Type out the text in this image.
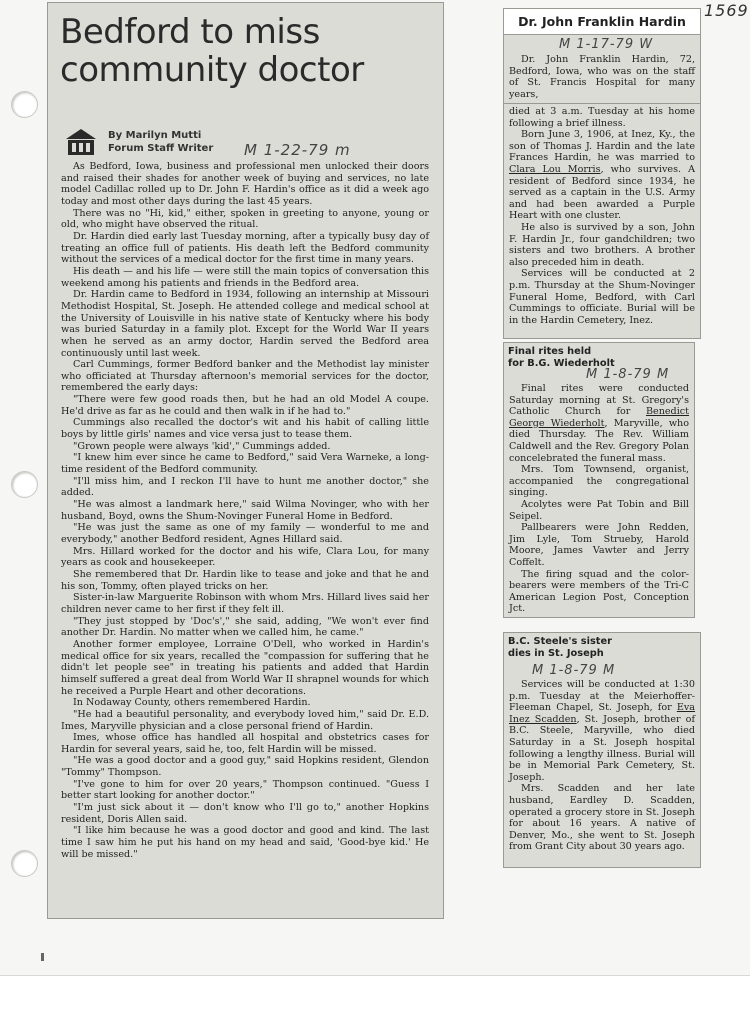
1569
Bedford to miss community doctor
By Marilyn Mutti
Forum Staff Writer M 1-22-79 m

As Bedford, Iowa, business and professional men unlocked their doors and raised their shades for another week of buying and services, no late model Cadillac rolled up to Dr. John F. Hardin's office as it did a week ago today and most other days during the last 45 years.

There was no "Hi, kid," either, spoken in greeting to anyone, young or old, who might have observed the ritual.

Dr. Hardin died early last Tuesday morning, after a typically busy day of treating an office full of patients. His death left the Bedford community without the services of a medical doctor for the first time in many years.

His death — and his life — were still the main topics of conversation this weekend among his patients and friends in the Bedford area.

Dr. Hardin came to Bedford in 1934, following an internship at Missouri Methodist Hospital, St. Joseph. He attended college and medical school at the University of Louisville in his native state of Kentucky where his body was buried Saturday in a family plot. Except for the World War II years when he served as an army doctor, Hardin served the Bedford area continuously until last week.

Carl Cummings, former Bedford banker and the Methodist lay minister who officiated at Thursday afternoon's memorial services for the doctor, remembered the early days:

"There were few good roads then, but he had an old Model A coupe. He'd drive as far as he could and then walk in if he had to."

Cummings also recalled the doctor's wit and his habit of calling little boys by little girls' names and vice versa just to tease them.

"Grown people were always 'kid'," Cummings added.

"I knew him ever since he came to Bedford," said Vera Warneke, a long-time resident of the Bedford community.

"I'll miss him, and I reckon I'll have to hunt me another doctor," she added.

"He was almost a landmark here," said Wilma Novinger, who with her husband, Boyd, owns the Shum-Novinger Funeral Home in Bedford.

"He was just the same as one of my family — wonderful to me and everybody," another Bedford resident, Agnes Hillard said.

Mrs. Hillard worked for the doctor and his wife, Clara Lou, for many years as cook and housekeeper.

She remembered that Dr. Hardin like to tease and joke and that he and his son, Tommy, often played tricks on her.

Sister-in-law Marguerite Robinson with whom Mrs. Hillard lives said her children never came to her first if they felt ill.

"They just stopped by 'Doc's'," she said, adding, "We won't ever find another Dr. Hardin. No matter when we called him, he came."

Another former employee, Lorraine O'Dell, who worked in Hardin's medical office for six years, recalled the "compassion for suffering that he didn't let people see" in treating his patients and added that Hardin himself suffered a great deal from World War II shrapnel wounds for which he received a Purple Heart and other decorations.

In Nodaway County, others remembered Hardin.

"He had a beautiful personality, and everybody loved him," said Dr. E.D. Imes, Maryville physician and a close personal friend of Hardin.

Imes, whose office has handled all hospital and obstetrics cases for Hardin for several years, said he, too, felt Hardin will be missed.

"He was a good doctor and a good guy," said Hopkins resident, Glendon "Tommy" Thompson.

"I've gone to him for over 20 years," Thompson continued. "Guess I better start looking for another doctor."

"I'm just sick about it — don't know who I'll go to," another Hopkins resident, Doris Allen said.

"I like him because he was a good doctor and good and kind. The last time I saw him he put his hand on my head and said, 'Good-bye kid.' He will be missed."

Dr. John Franklin Hardin
M 1-17-79 W

Dr. John Franklin Hardin, 72, Bedford, Iowa, who was on the staff of St. Francis Hospital for many years,

died at 3 a.m. Tuesday at his home following a brief illness.

Born June 3, 1906, at Inez, Ky., the son of Thomas J. Hardin and the late Frances Hardin, he was married to Clara Lou Morris, who survives. A resident of Bedford since 1934, he served as a captain in the U.S. Army and had been awarded a Purple Heart with one cluster.

He also is survived by a son, John F. Hardin Jr., four gandchildren; two sisters and two brothers. A brother also preceded him in death.

Services will be conducted at 2 p.m. Thursday at the Shum-Novinger Funeral Home, Bedford, with Carl Cummings to officiate. Burial will be in the Hardin Cemetery, Inez.

Final rites held
for B.G. Wiederholt
M 1-8-79 M

Final rites were conducted Saturday morning at St. Gregory's Catholic Church for Benedict George Wiederholt, Maryville, who died Thursday. The Rev. William Caldwell and the Rev. Gregory Polan concelebrated the funeral mass.

Mrs. Tom Townsend, organist, accompanied the congregational singing.

Acolytes were Pat Tobin and Bill Seipel.

Pallbearers were John Redden, Jim Lyle, Tom Strueby, Harold Moore, James Vawter and Jerry Coffelt.

The firing squad and the color-bearers were members of the Tri-C American Legion Post, Conception Jct.

B.C. Steele's sister
dies in St. Joseph
M 1-8-79 M

Services will be conducted at 1:30 p.m. Tuesday at the Meierhoffer-Fleeman Chapel, St. Joseph, for Eva Inez Scadden, St. Joseph, brother of B.C. Steele, Maryville, who died Saturday in a St. Joseph hospital following a lengthy illness. Burial will be in Memorial Park Cemetery, St. Joseph.

Mrs. Scadden and her late husband, Eardley D. Scadden, operated a grocery store in St. Joseph for about 16 years. A native of Denver, Mo., she went to St. Joseph from Grant City about 30 years ago.
